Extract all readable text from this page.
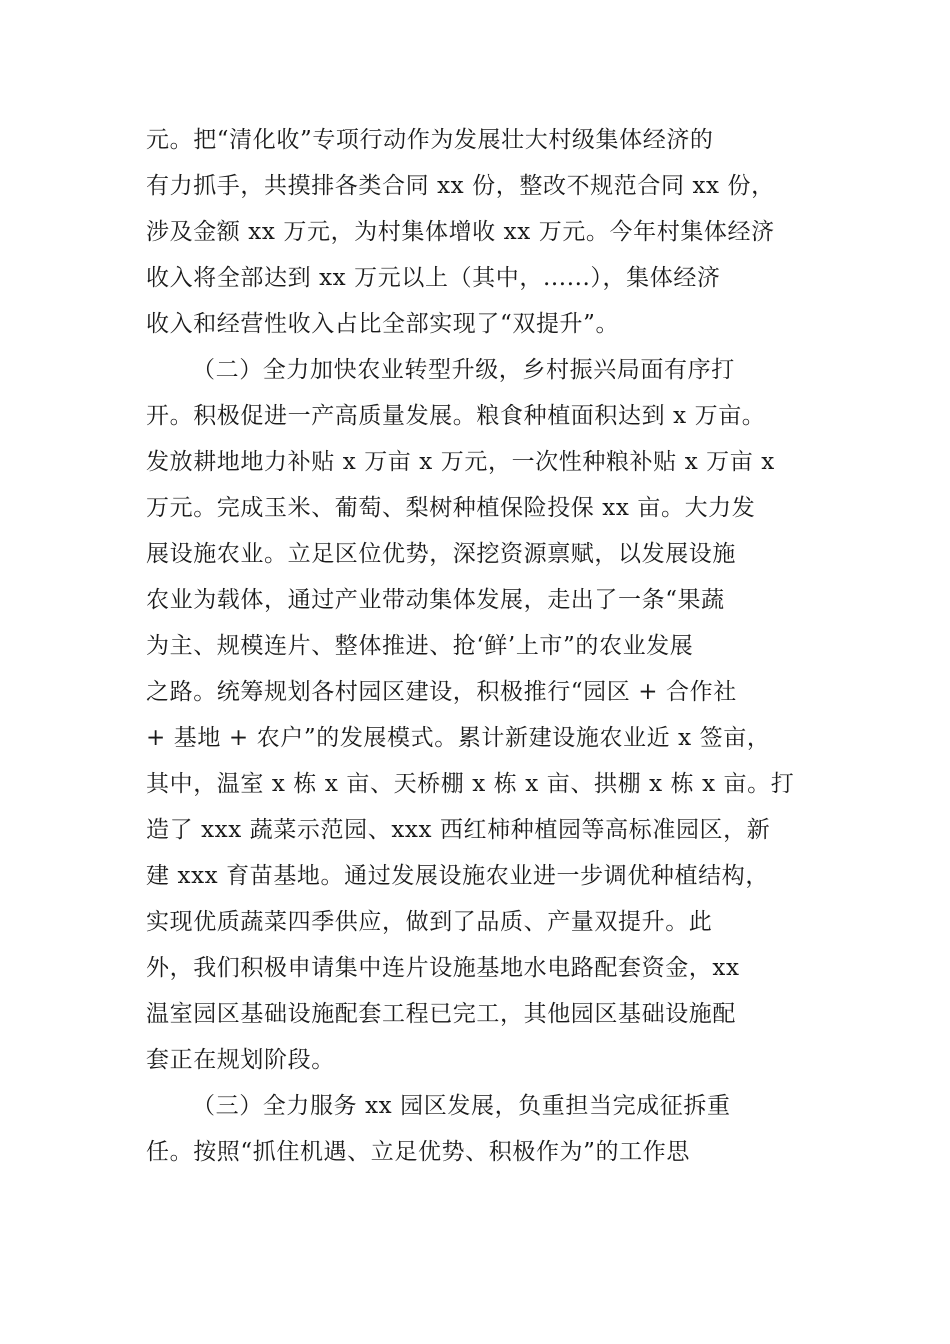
元。把“清化收”专项行动作为发展壮大村级集体经济的
有力抓手，共摸排各类合同 xx 份，整改不规范合同 xx 份，
涉及金额 xx 万元，为村集体增收 xx 万元。今年村集体经济
收入将全部达到 xx 万元以上（其中，......），集体经济
收入和经营性收入占比全部实现了“双提升”。
（二）全力加快农业转型升级，乡村振兴局面有序打
开。积极促进一产高质量发展。粮食种植面积达到 x 万亩。
发放耕地地力补贴 x 万亩 x 万元，一次性种粮补贴 x 万亩 x
万元。完成玉米、葡萄、梨树种植保险投保 xx 亩。大力发
展设施农业。立足区位优势，深挖资源禀赋，以发展设施
农业为载体，通过产业带动集体发展，走出了一条“果蔬
为主、规模连片、整体推进、抢‘鲜’上市”的农业发展
之路。统筹规划各村园区建设，积极推行“园区 + 合作社
+ 基地 + 农户”的发展模式。累计新建设施农业近 x 签亩，
其中，温室 x 栋 x 亩、天桥棚 x 栋 x 亩、拱棚 x 栋 x 亩。打
造了 xxx 蔬菜示范园、xxx 西红柿种植园等高标准园区，新
建 xxx 育苗基地。通过发展设施农业进一步调优种植结构，
实现优质蔬菜四季供应，做到了品质、产量双提升。此
外，我们积极申请集中连片设施基地水电路配套资金，xx
温室园区基础设施配套工程已完工，其他园区基础设施配
套正在规划阶段。
（三）全力服务 xx 园区发展，负重担当完成征拆重
任。按照“抓住机遇、立足优势、积极作为”的工作思
